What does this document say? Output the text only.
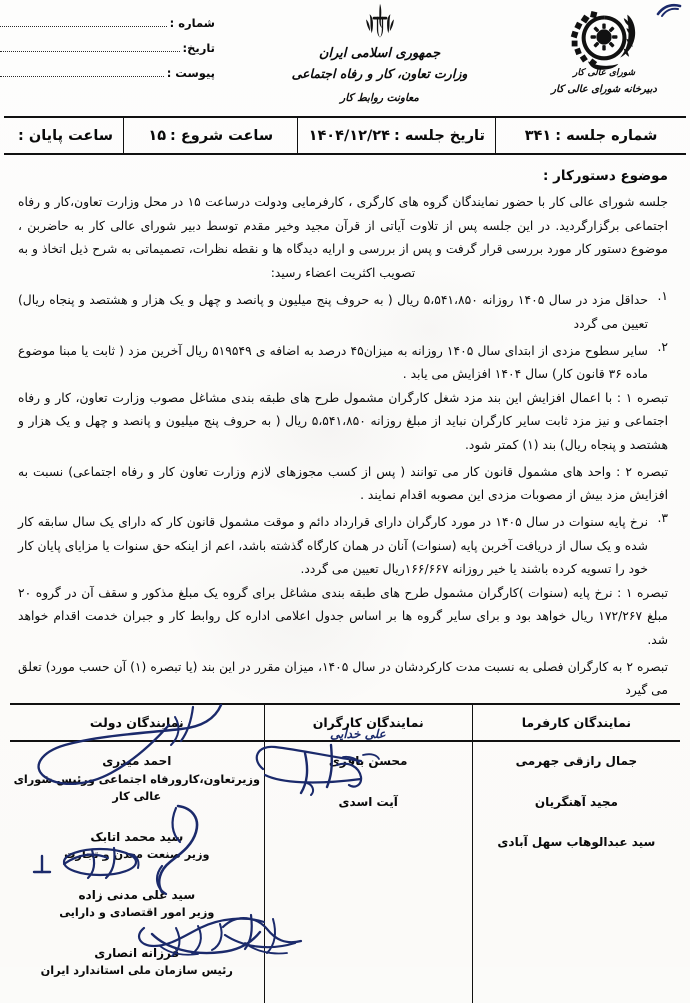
شورای عالی کار
دبیرخانه شورای عالی کار
جمهوری اسلامی ایران
وزارت تعاون، کار و رفاه اجتماعی
معاونت روابط کار
شماره :
تاریخ:
پیوست :
شماره جلسه :
۳۴۱
تاریخ جلسه :
۱۴۰۴/۱۲/۲۴
ساعت شروع :
۱۵
ساعت پایان :
موضوع دستورکار :

جلسه شورای عالی کار با حضور نمایندگان گروه های کارگری ، کارفرمایی ودولت درساعت ۱۵ در محل وزارت تعاون،کار و رفاه اجتماعی برگزارگردید. در این جلسه پس از تلاوت آیاتی از قرآن مجید وخیر مقدم توسط دبیر شورای عالی کار به حاضربن ، موضوع دستور کار مورد بررسی قرار گرفت و پس از بررسی و ارایه دیدگاه ها و نقطه نظرات، تصمیماتی به شرح ذیل اتخاذ و به تصویب اکثریت اعضاء رسید:

حداقل مزد در سال ۱۴۰۵ روزانه ۵،۵۴۱،۸۵۰ ریال ( به حروف پنج میلیون و پانصد و چهل و یک هزار و هشتصد و پنجاه ریال) تعیین می گردد
سایر سطوح مزدی از ابتدای سال ۱۴۰۵ روزانه به میزان۴۵ درصد به اضافه ی ۵۱۹۵۴۹ ریال آخرین مزد ( ثابت یا مبنا موضوع ماده ۳۶ قانون کار) سال ۱۴۰۴ افزایش می یابد .
تبصره ۱ : با اعمال افزایش این بند مزد شغل کارگران مشمول طرح های طبقه بندی مشاغل مصوب وزارت تعاون، کار و رفاه اجتماعی و نیز مزد ثابت سایر کارگران نباید از مبلغ روزانه ۵،۵۴۱،۸۵۰ ریال ( به حروف پنج میلیون و پانصد و چهل و یک هزار و هشتصد و پنجاه ریال) بند (۱) کمتر شود.
تبصره ۲ : واحد های مشمول قانون کار می توانند ( پس از کسب مجوزهای لازم وزارت تعاون کار و رفاه اجتماعی) نسبت به افزایش مزد بیش از مصوبات مزدی این مصوبه اقدام نمایند .
نرخ پایه سنوات در سال ۱۴۰۵ در مورد کارگران دارای قرارداد دائم و موقت مشمول قانون کار که دارای یک سال سابقه کار شده و یک سال از دریافت آخربن پایه (سنوات) آنان در همان کارگاه گذشته باشد، اعم از اینکه حق سنوات یا مزایای پایان کار خود را تسویه کرده باشند یا خیر روزانه ۱۶۶/۶۶۷ریال تعیین می گردد.
تبصره ۱ : نرخ پایه (سنوات )کارگران مشمول طرح های طبقه بندی مشاغل برای گروه یک مبلغ مذکور و سقف آن در گروه ۲۰ مبلغ ۱۷۲/۲۶۷ ریال خواهد بود و برای سایر گروه ها بر اساس جدول اعلامی اداره کل روابط کار و جبران خدمت اقدام خواهد شد.
تبصره ۲ به کارگران فصلی به نسبت مدت کارکردشان در سال ۱۴۰۵، میزان مقرر در این بند (یا تبصره (۱) آن حسب مورد) تعلق می گیرد
نمایندگان کارفرما	نمایندگان کارگران	نمایندگان دولت

جمال رازقی جهرمی
مجید آهنگریان
سید عبدالوهاب سهل آبادی

محسن باقری
آیت اسدی

احمد میدری
وزیرتعاون،کارورفاه اجتماعی ورئیس شورای عالی کار
سید محمد اتابک
وزیر صنعت معدن و تجارت
سید علی مدنی زاده
وزیر امور اقتصادی و دارایی
فرزانه انصاری
رئیس سازمان ملی استاندارد ایران
علی خدایی
